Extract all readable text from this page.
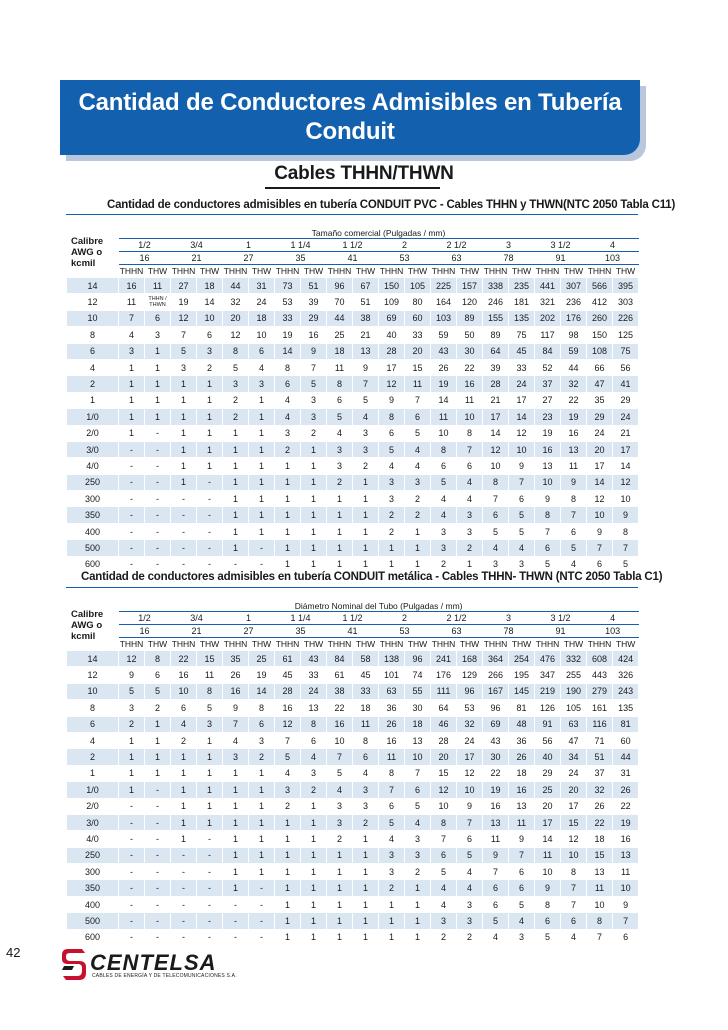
Cantidad de Conductores Admisibles en Tubería
Conduit
Cables THHN/THWN
Cantidad de conductores admisibles en tubería CONDUIT PVC - Cables THHN y THWN(NTC 2050 Tabla C11)
Calibre AWG o kcmil	Tamaño comercial (Pulgadas / mm)																			
	1/2		3/4		1		1 1/4		1 1/2		2		2 1/2		3		3 1/2		4	
	16		21		27		35		41		53		63		78		91		103	
	THHN	THW	THHN	THW	THHN	THW	THHN	THW	THHN	THW	THHN	THW	THHN	THW	THHN	THW	THHN	THW	THHN	THW
14	16	11	27	18	44	31	73	51	96	67	150	105	225	157	338	235	441	307	566	395
12	11	THHN / THWN	19	14	32	24	53	39	70	51	109	80	164	120	246	181	321	236	412	303
10	7	6	12	10	20	18	33	29	44	38	69	60	103	89	155	135	202	176	260	226
8	4	3	7	6	12	10	19	16	25	21	40	33	59	50	89	75	117	98	150	125
6	3	1	5	3	8	6	14	9	18	13	28	20	43	30	64	45	84	59	108	75
4	1	1	3	2	5	4	8	7	11	9	17	15	26	22	39	33	52	44	66	56
2	1	1	1	1	3	3	6	5	8	7	12	11	19	16	28	24	37	32	47	41
1	1	1	1	1	2	1	4	3	6	5	9	7	14	11	21	17	27	22	35	29
1/0	1	1	1	1	2	1	4	3	5	4	8	6	11	10	17	14	23	19	29	24
2/0	1	-	1	1	1	1	3	2	4	3	6	5	10	8	14	12	19	16	24	21
3/0	-	-	1	1	1	1	2	1	3	3	5	4	8	7	12	10	16	13	20	17
4/0	-	-	1	1	1	1	1	1	3	2	4	4	6	6	10	9	13	11	17	14
250	-	-	1	-	1	1	1	1	2	1	3	3	5	4	8	7	10	9	14	12
300	-	-	-	-	1	1	1	1	1	1	3	2	4	4	7	6	9	8	12	10
350	-	-	-	-	1	1	1	1	1	1	2	2	4	3	6	5	8	7	10	9
400	-	-	-	-	1	1	1	1	1	1	2	1	3	3	5	5	7	6	9	8
500	-	-	-	-	1	-	1	1	1	1	1	1	3	2	4	4	6	5	7	7
600	-	-	-	-	-	-	1	1	1	1	1	1	2	1	3	3	5	4	6	5
Cantidad de conductores admisibles en tubería CONDUIT metálica - Cables THHN- THWN (NTC 2050 Tabla C1)
Calibre AWG o kcmil	Diámetro Nominal del Tubo (Pulgadas / mm)																			
	1/2		3/4		1		1 1/4		1 1/2		2		2 1/2		3		3 1/2		4	
	16		21		27		35		41		53		63		78		91		103	
	THHN	THW	THHN	THW	THHN	THW	THHN	THW	THHN	THW	THHN	THW	THHN	THW	THHN	THW	THHN	THW	THHN	THW
14	12	8	22	15	35	25	61	43	84	58	138	96	241	168	364	254	476	332	608	424
12	9	6	16	11	26	19	45	33	61	45	101	74	176	129	266	195	347	255	443	326
10	5	5	10	8	16	14	28	24	38	33	63	55	111	96	167	145	219	190	279	243
8	3	2	6	5	9	8	16	13	22	18	36	30	64	53	96	81	126	105	161	135
6	2	1	4	3	7	6	12	8	16	11	26	18	46	32	69	48	91	63	116	81
4	1	1	2	1	4	3	7	6	10	8	16	13	28	24	43	36	56	47	71	60
2	1	1	1	1	3	2	5	4	7	6	11	10	20	17	30	26	40	34	51	44
1	1	1	1	1	1	1	4	3	5	4	8	7	15	12	22	18	29	24	37	31
1/0	1	-	1	1	1	1	3	2	4	3	7	6	12	10	19	16	25	20	32	26
2/0	-	-	1	1	1	1	2	1	3	3	6	5	10	9	16	13	20	17	26	22
3/0	-	-	1	1	1	1	1	1	3	2	5	4	8	7	13	11	17	15	22	19
4/0	-	-	1	-	1	1	1	1	2	1	4	3	7	6	11	9	14	12	18	16
250	-	-	-	-	1	1	1	1	1	1	3	3	6	5	9	7	11	10	15	13
300	-	-	-	-	1	1	1	1	1	1	3	2	5	4	7	6	10	8	13	11
350	-	-	-	-	1	-	1	1	1	1	2	1	4	4	6	6	9	7	11	10
400	-	-	-	-	-	-	1	1	1	1	1	1	4	3	6	5	8	7	10	9
500	-	-	-	-	-	-	1	1	1	1	1	1	3	3	5	4	6	6	8	7
600	-	-	-	-	-	-	1	1	1	1	1	1	2	2	4	3	5	4	7	6
42	CENTELSA
CABLES DE ENERGÍA Y DE TELECOMUNICACIONES S.A.
